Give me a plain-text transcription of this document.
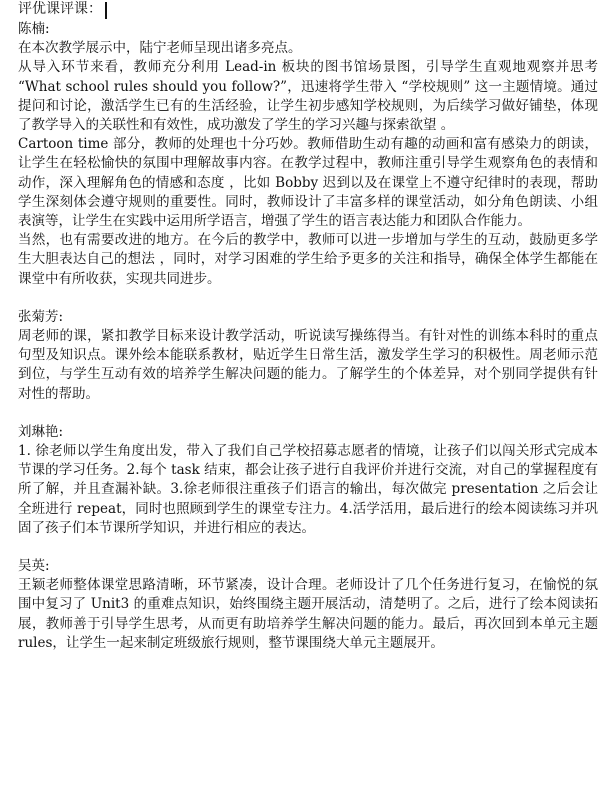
评优课评课：
陈楠:

在本次教学展示中，陆宁老师呈现出诸多亮点。

从导入环节来看，教师充分利用 Lead-in 板块的图书馆场景图，引导学生直观地观察并思考 “What school rules should you follow?”，迅速将学生带入 “学校规则” 这一主题情境。通过提问和讨论，激活学生已有的生活经验，让学生初步感知学校规则，为后续学习做好铺垫，体现了教学导入的关联性和有效性，成功激发了学生的学习兴趣与探索欲望 。

Cartoon time 部分，教师的处理也十分巧妙。教师借助生动有趣的动画和富有感染力的朗读，让学生在轻松愉快的氛围中理解故事内容。在教学过程中，教师注重引导学生观察角色的表情和动作，深入理解角色的情感和态度 ，比如 Bobby 迟到以及在课堂上不遵守纪律时的表现，帮助学生深刻体会遵守规则的重要性。同时，教师设计了丰富多样的课堂活动，如分角色朗读、小组表演等，让学生在实践中运用所学语言，增强了学生的语言表达能力和团队合作能力。

当然，也有需要改进的地方。在今后的教学中，教师可以进一步增加与学生的互动，鼓励更多学生大胆表达自己的想法 ，同时，对学习困难的学生给予更多的关注和指导，确保全体学生都能在课堂中有所收获，实现共同进步。

张菊芳:

周老师的课，紧扣教学目标来设计教学活动，听说读写操练得当。有针对性的训练本科时的重点句型及知识点。课外绘本能联系教材，贴近学生日常生活，激发学生学习的积极性。周老师示范到位，与学生互动有效的培养学生解决问题的能力。了解学生的个体差异，对个别同学提供有针对性的帮助。

刘琳艳:

1. 徐老师以学生角度出发，带入了我们自己学校招募志愿者的情境，让孩子们以闯关形式完成本节课的学习任务。2.每个 task 结束，都会让孩子进行自我评价并进行交流，对自己的掌握程度有所了解，并且查漏补缺。3.徐老师很注重孩子们语言的输出，每次做完 presentation 之后会让全班进行 repeat，同时也照顾到学生的课堂专注力。4.活学活用，最后进行的绘本阅读练习并巩固了孩子们本节课所学知识，并进行相应的表达。

吴英:

王颖老师整体课堂思路清晰，环节紧凑，设计合理。老师设计了几个任务进行复习，在愉悦的氛围中复习了 Unit3 的重难点知识，始终围绕主题开展活动，清楚明了。之后，进行了绘本阅读拓展，教师善于引导学生思考，从而更有助培养学生解决问题的能力。最后，再次回到本单元主题 rules，让学生一起来制定班级旅行规则，整节课围绕大单元主题展开。
